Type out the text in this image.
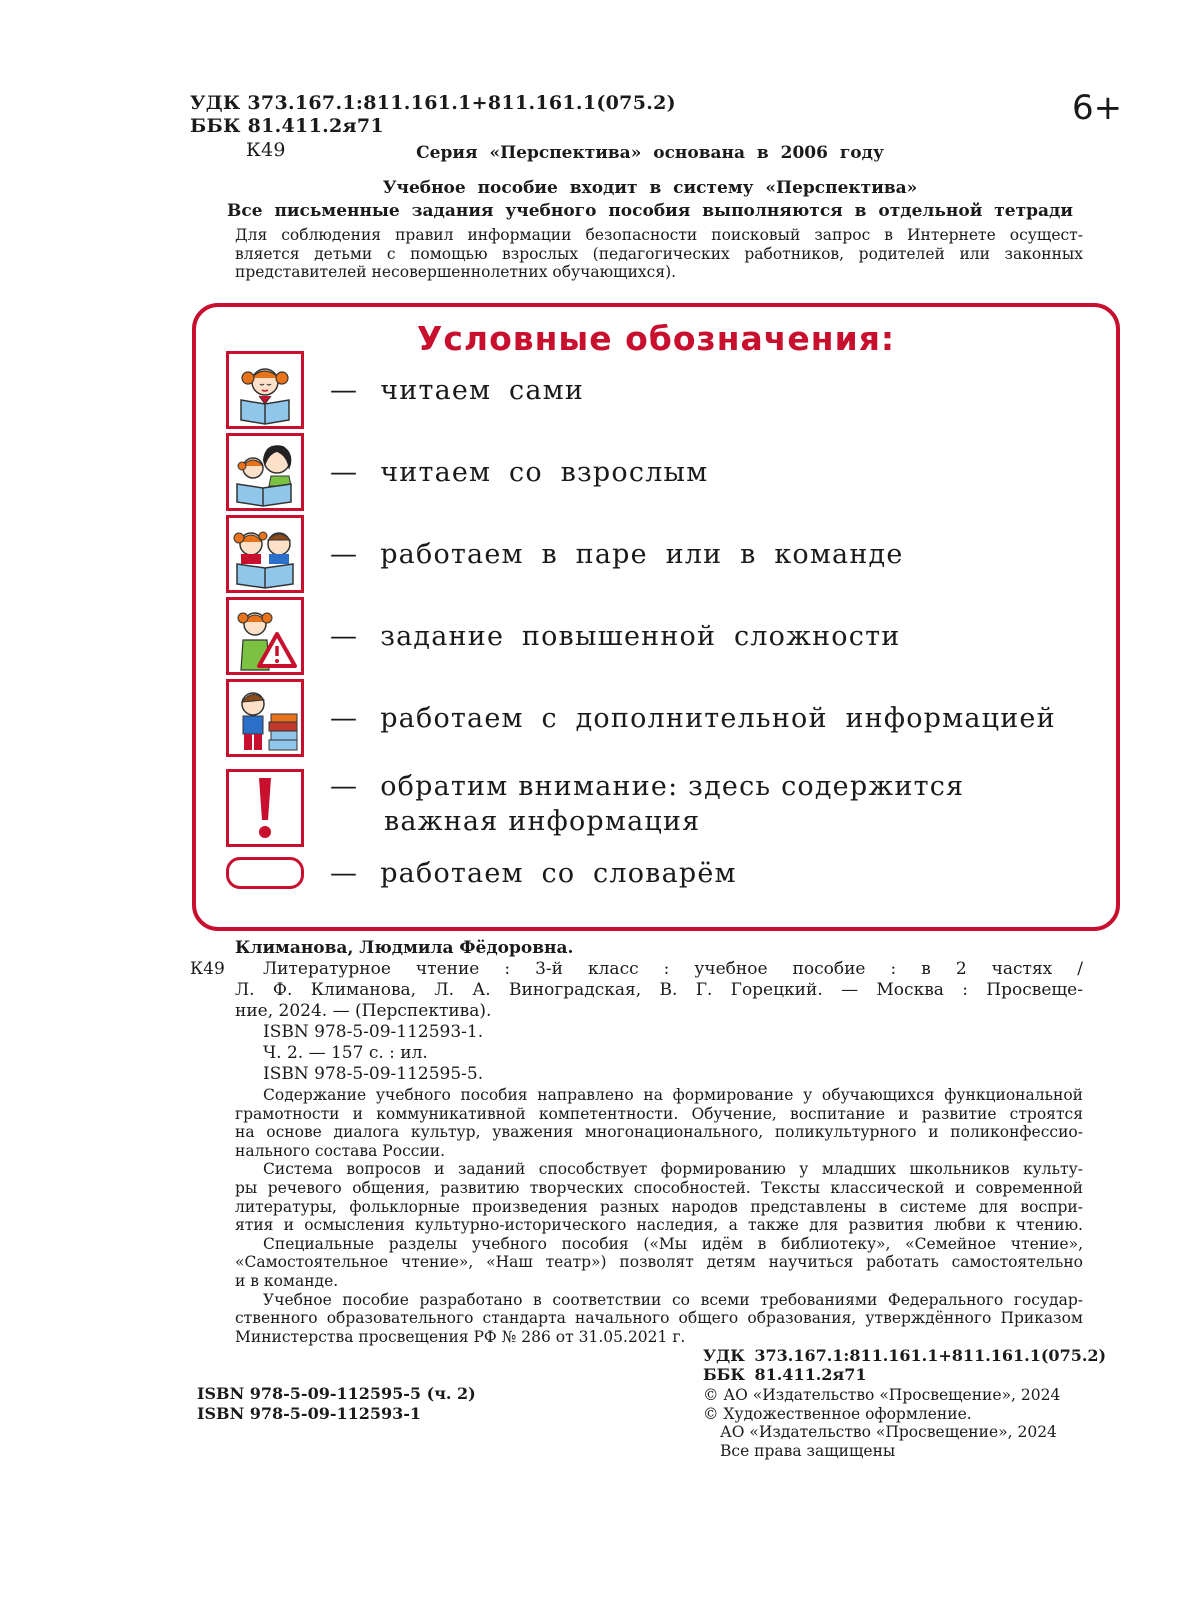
УДК 373.167.1:811.161.1+811.161.1(075.2)
ББК 81.411.2я71
К49
6+
Серия «Перспектива» основана в 2006 году
Учебное пособие входит в систему «Перспектива»
Все письменные задания учебного пособия выполняются в отдельной тетради
Для соблюдения правил информации безопасности поисковый запрос в Интернете осущест-
вляется детьми с помощью взрослых (педагогических работников, родителей или законных
представителей несовершеннолетних обучающихся).
Условные обозначения:
— читаем сами
— читаем со взрослым
— работаем в паре или в команде
— задание повышенной сложности
— работаем с дополнительной информацией
— обратим внимание: здесь содержится
важная информация
— работаем со словарём
Климанова, Людмила Фёдоровна.
К49	Литературное чтение : 3-й класс : учебное пособие : в 2 частях /
Л. Ф. Климанова, Л. А. Виноградская, В. Г. Горецкий. — Москва : Просвеще-
ние, 2024. — (Перспектива).
ISBN 978-5-09-112593-1.
Ч. 2. — 157 с. : ил.
ISBN 978-5-09-112595-5.
Содержание учебного пособия направлено на формирование у обучающихся функциональной
грамотности и коммуникативной компетентности. Обучение, воспитание и развитие строятся
на основе диалога культур, уважения многонационального, поликультурного и поликонфессио-
нального состава России.
Система вопросов и заданий способствует формированию у младших школьников культу-
ры речевого общения, развитию творческих способностей. Тексты классической и современной
литературы, фольклорные произведения разных народов представлены в системе для воспри-
ятия и осмысления культурно-исторического наследия, а также для развития любви к чтению.
Специальные разделы учебного пособия («Мы идём в библиотеку», «Семейное чтение»,
«Самостоятельное чтение», «Наш театр») позволят детям научиться работать самостоятельно
и в команде.
Учебное пособие разработано в соответствии со всеми требованиями Федерального государ-
ственного образовательного стандарта начального общего образования, утверждённого Приказом
Министерства просвещения РФ № 286 от 31.05.2021 г.
УДК 373.167.1:811.161.1+811.161.1(075.2)
ББК 81.411.2я71
ISBN 978-5-09-112595-5 (ч. 2)
ISBN 978-5-09-112593-1
© АО «Издательство «Просвещение», 2024
© Художественное оформление.
АО «Издательство «Просвещение», 2024
Все права защищены
